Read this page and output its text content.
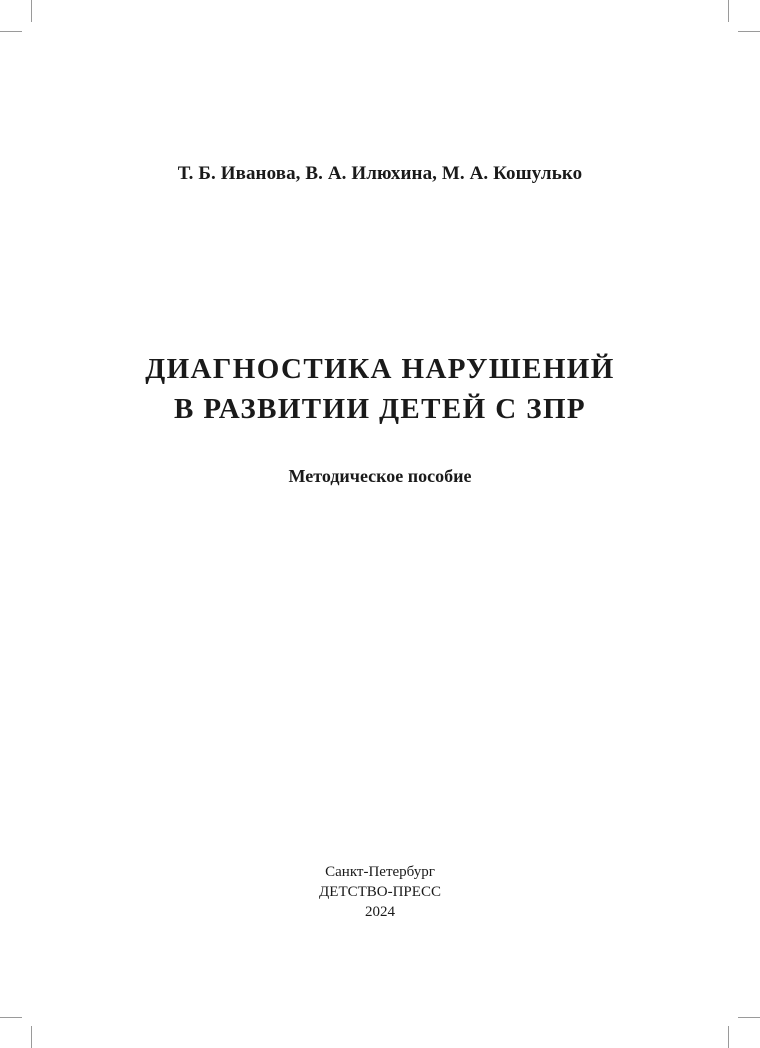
Т. Б. Иванова, В. А. Илюхина, М. А. Кошулько
ДИАГНОСТИКА НАРУШЕНИЙ
В РАЗВИТИИ ДЕТЕЙ С ЗПР
Методическое пособие
Санкт-Петербург
ДЕТСТВО-ПРЕСС
2024
